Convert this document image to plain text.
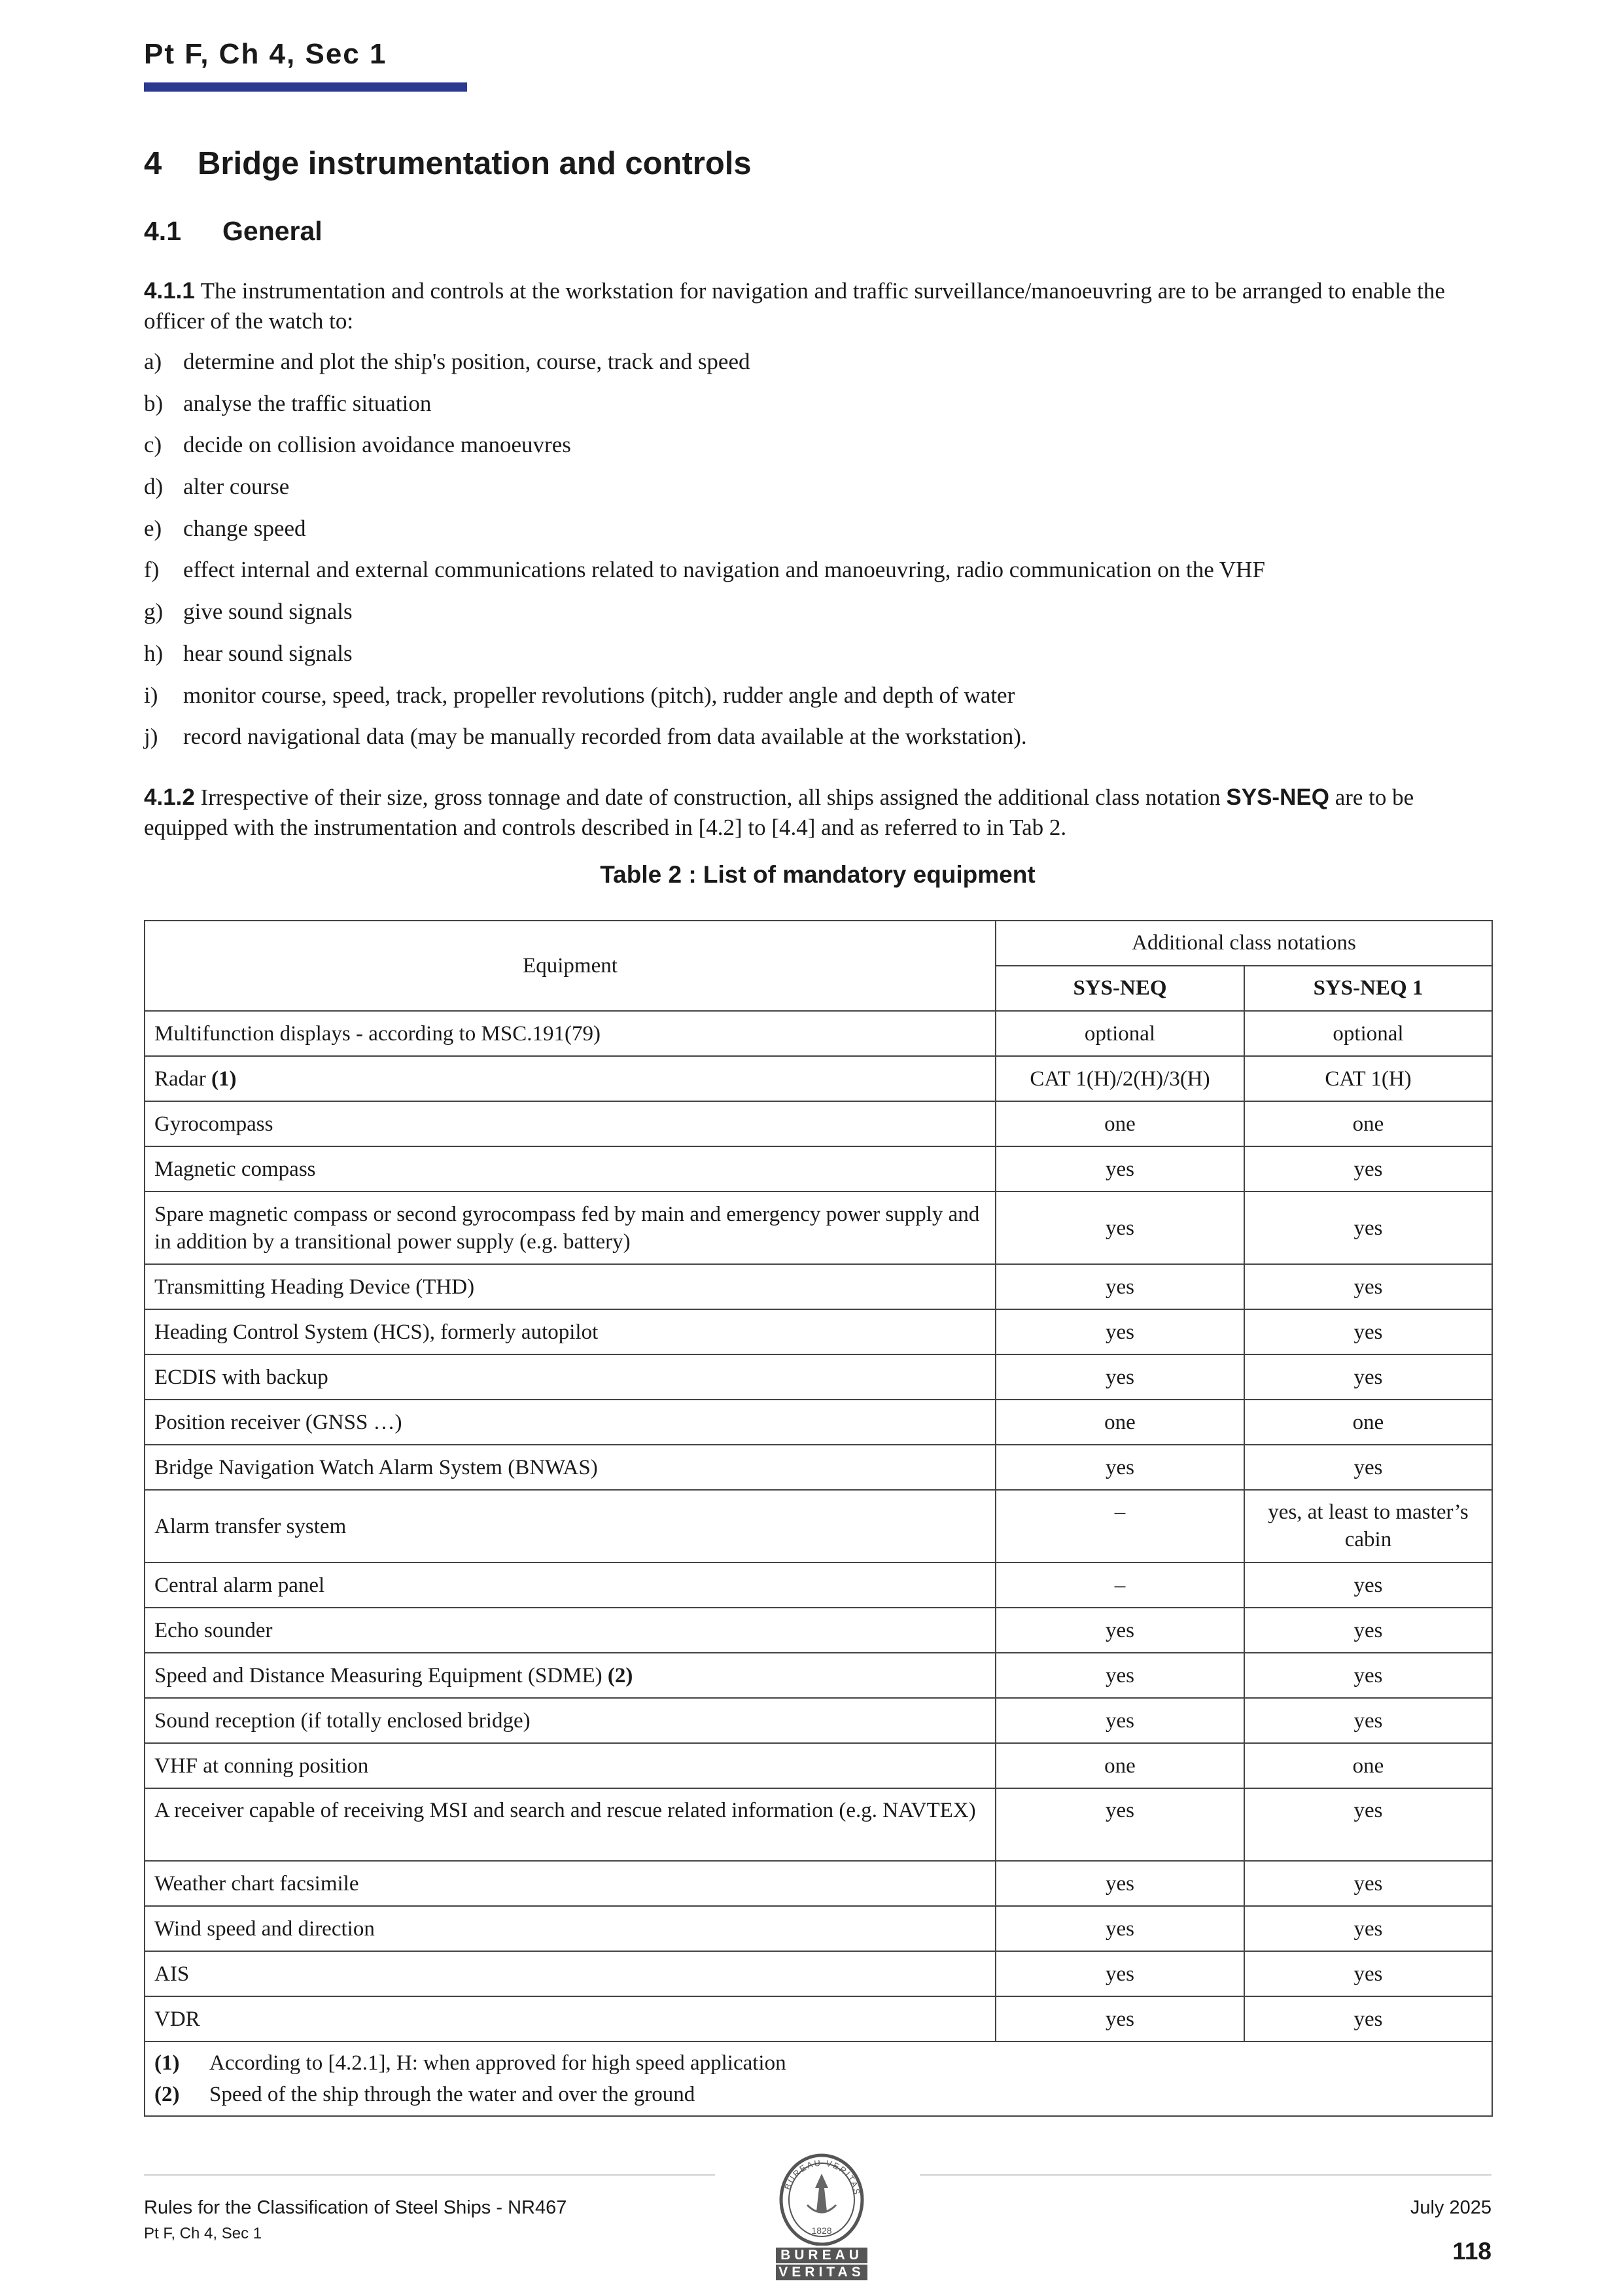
Pt F, Ch 4, Sec 1
4 Bridge instrumentation and controls
4.1 General
4.1.1 The instrumentation and controls at the workstation for navigation and traffic surveillance/manoeuvring are to be arranged to enable the officer of the watch to:
a) determine and plot the ship's position, course, track and speed
b) analyse the traffic situation
c) decide on collision avoidance manoeuvres
d) alter course
e) change speed
f) effect internal and external communications related to navigation and manoeuvring, radio communication on the VHF
g) give sound signals
h) hear sound signals
i) monitor course, speed, track, propeller revolutions (pitch), rudder angle and depth of water
j) record navigational data (may be manually recorded from data available at the workstation).
4.1.2 Irrespective of their size, gross tonnage and date of construction, all ships assigned the additional class notation SYS-NEQ are to be equipped with the instrumentation and controls described in [4.2] to [4.4] and as referred to in Tab 2.
Table 2 : List of mandatory equipment
Equipment	Additional class notations	
	SYS-NEQ	SYS-NEQ 1
Multifunction displays - according to MSC.191(79)	optional	optional
Radar (1)	CAT 1(H)/2(H)/3(H)	CAT 1(H)
Gyrocompass	one	one
Magnetic compass	yes	yes
Spare magnetic compass or second gyrocompass fed by main and emergency power supply and in addition by a transitional power supply (e.g. battery)	yes	yes
Transmitting Heading Device (THD)	yes	yes
Heading Control System (HCS), formerly autopilot	yes	yes
ECDIS with backup	yes	yes
Position receiver (GNSS …)	one	one
Bridge Navigation Watch Alarm System (BNWAS)	yes	yes
Alarm transfer system	–	yes, at least to master’s cabin
Central alarm panel	–	yes
Echo sounder	yes	yes
Speed and Distance Measuring Equipment (SDME) (2)	yes	yes
Sound reception (if totally enclosed bridge)	yes	yes
VHF at conning position	one	one
A receiver capable of receiving MSI and search and rescue related information (e.g. NAVTEX)	yes	yes
Weather chart facsimile	yes	yes
Wind speed and direction	yes	yes
AIS	yes	yes
VDR	yes	yes

(1) According to [4.2.1], H: when approved for high speed application
(2) Speed of the ship through the water and over the ground		
Rules for the Classification of Steel Ships - NR467
Pt F, Ch 4, Sec 1
July 2025
118
BUREAU VERITAS
1828
BUREAU
VERITAS
